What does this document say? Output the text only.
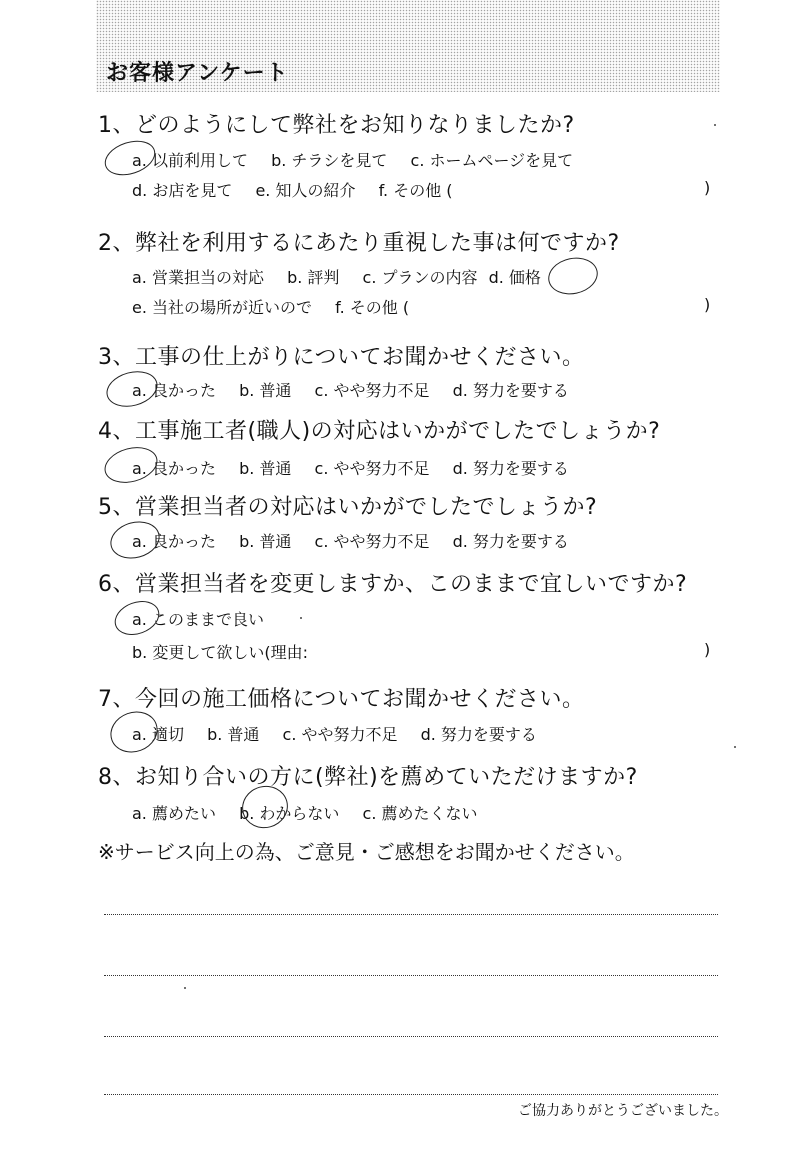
お客様アンケート
1、どのようにして弊社をお知りなりましたか?
a. 以前利用して b. チラシを見て c. ホームページを見て
d. お店を見て e. 知人の紹介 f. その他 (	)
2、弊社を利用するにあたり重視した事は何ですか?
a. 営業担当の対応 b. 評判 c. プランの内容 d. 価格
e. 当社の場所が近いので f. その他 (	)
3、工事の仕上がりについてお聞かせください。
a. 良かった b. 普通 c. やや努力不足 d. 努力を要する
4、工事施工者(職人)の対応はいかがでしたでしょうか?
a. 良かった b. 普通 c. やや努力不足 d. 努力を要する
5、営業担当者の対応はいかがでしたでしょうか?
a. 良かった b. 普通 c. やや努力不足 d. 努力を要する
6、営業担当者を変更しますか、このままで宜しいですか?
a. このままで良い
b. 変更して欲しい(理由:	)
7、今回の施工価格についてお聞かせください。
a. 適切 b. 普通 c. やや努力不足 d. 努力を要する
8、お知り合いの方に(弊社)を薦めていただけますか?
a. 薦めたい b. わからない c. 薦めたくない

※サービス向上の為、ご意見・ご感想をお聞かせください。

ご協力ありがとうございました。
